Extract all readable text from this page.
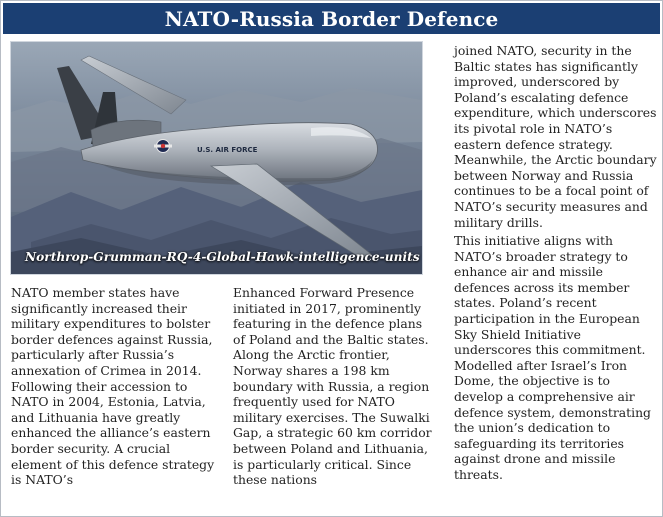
NATO-Russia Border Defence
U.S. AIR FORCE
Northrop-Grumman-RQ-4-Global-Hawk-intelligence-units

NATO member states have significantly increased their military expenditures to bolster border defences against Russia, particularly after Russia’s annexation of Crimea in 2014. Following their accession to NATO in 2004, Estonia, Latvia, and Lithuania have greatly enhanced the alliance’s eastern border security. A crucial element of this defence strategy is NATO’s

Enhanced Forward Presence initiated in 2017, prominently featuring in the defence plans of Poland and the Baltic states. Along the Arctic frontier, Norway shares a 198 km boundary with Russia, a region frequently used for NATO military exercises. The Suwalki Gap, a strategic 60 km corridor between Poland and Lithuania, is particularly critical. Since these nations

joined NATO, security in the Baltic states has significantly improved, underscored by Poland’s escalating defence expenditure, which underscores its pivotal role in NATO’s eastern defence strategy. Meanwhile, the Arctic boundary between Norway and Russia continues to be a focal point of NATO’s security measures and military drills.

This initiative aligns with NATO’s broader strategy to enhance air and missile defences across its member states. Poland’s recent participation in the European Sky Shield Initiative underscores this commitment. Modelled after Israel’s Iron Dome, the objective is to develop a comprehensive air defence system, demonstrating the union’s dedication to safeguarding its territories against drone and missile threats.
